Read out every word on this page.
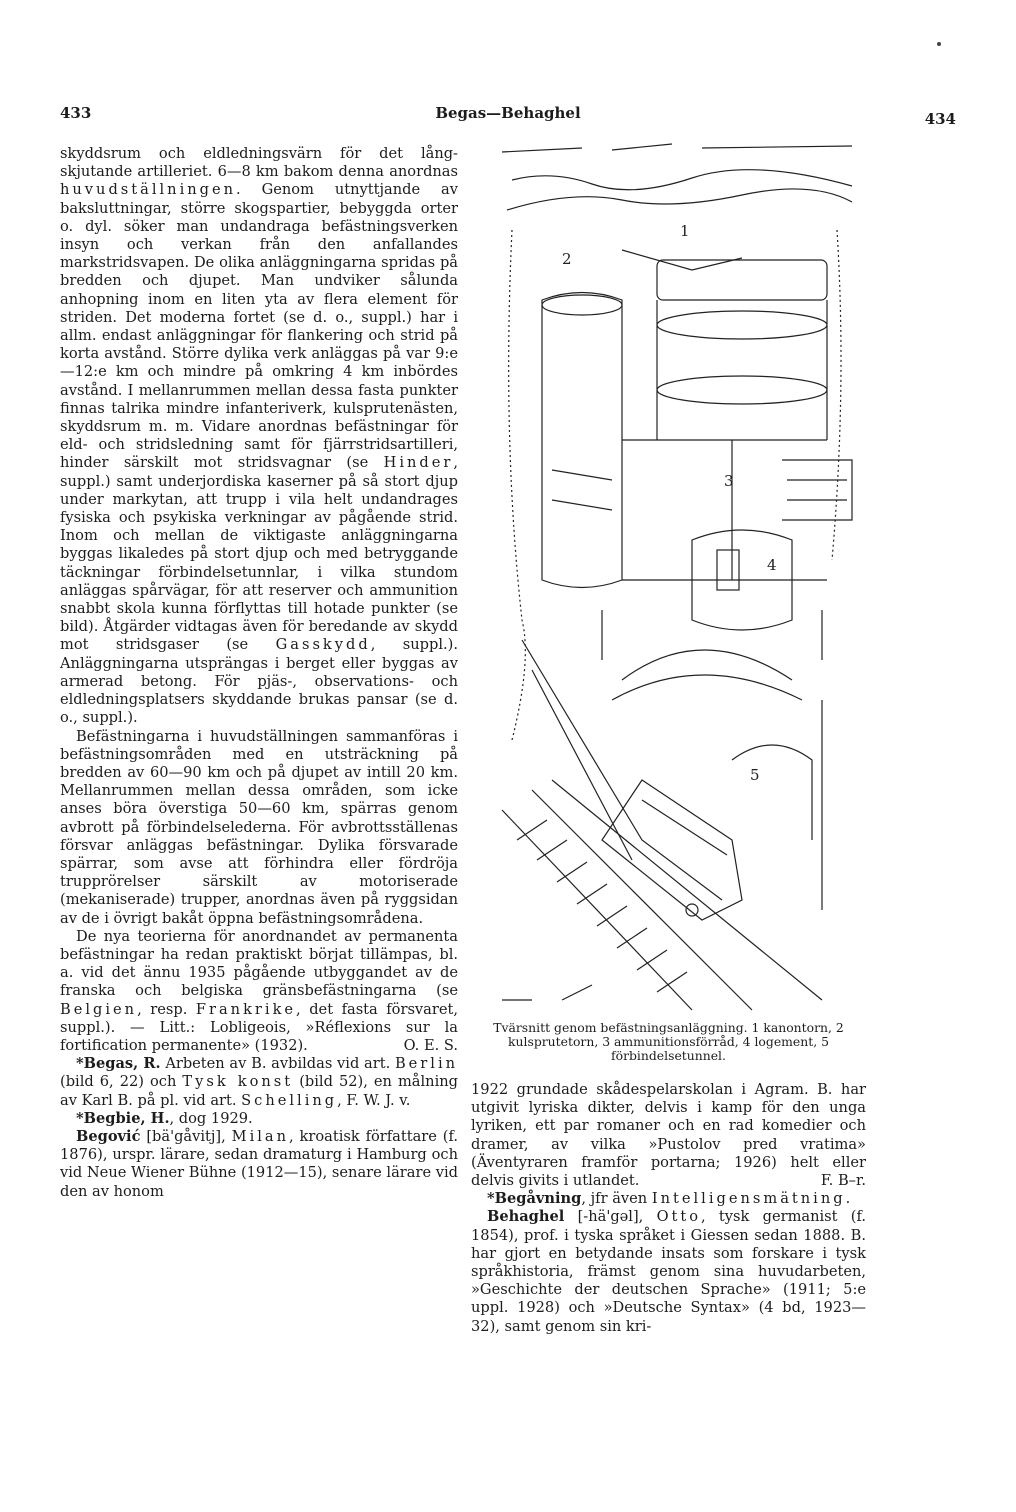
433	Begas—Behaghel	434

skyddsrum och eldledningsvärn för det lång-skjutande artilleriet. 6—8 km bakom denna anordnas huvudställningen. Genom utnyttjande av baksluttningar, större skogspartier, bebyggda orter o. dyl. söker man undandraga befästningsverken insyn och verkan från den anfallandes markstridsvapen. De olika anläggningarna spridas på bredden och djupet. Man undviker sålunda anhopning inom en liten yta av flera element för striden. Det moderna fortet (se d. o., suppl.) har i allm. endast anläggningar för flankering och strid på korta avstånd. Större dylika verk anläggas på var 9:e—12:e km och mindre på omkring 4 km inbördes avstånd. I mellanrummen mellan dessa fasta punkter finnas talrika mindre infanteriverk, kulsprutenästen, skyddsrum m. m. Vidare anordnas befästningar för eld- och stridsledning samt för fjärrstridsartilleri, hinder särskilt mot stridsvagnar (se Hinder, suppl.) samt underjordiska kaserner på så stort djup under markytan, att trupp i vila helt undandrages fysiska och psykiska verkningar av pågående strid. Inom och mellan de viktigaste anläggningarna byggas likaledes på stort djup och med betryggande täckningar förbindelsetunnlar, i vilka stundom anläggas spårvägar, för att reserver och ammunition snabbt skola kunna förflyttas till hotade punkter (se bild). Åtgärder vidtagas även för beredande av skydd mot stridsgaser (se Gasskydd, suppl.). Anläggningarna utsprängas i berget eller byggas av armerad betong. För pjäs-, observations- och eldledningsplatsers skyddande brukas pansar (se d. o., suppl.).

Befästningarna i huvudställningen sammanföras i befästningsområden med en utsträckning på bredden av 60—90 km och på djupet av intill 20 km. Mellanrummen mellan dessa områden, som icke anses böra överstiga 50—60 km, spärras genom avbrott på förbindelselederna. För avbrottsställenas försvar anläggas befästningar. Dylika försvarade spärrar, som avse att förhindra eller fördröja trupprörelser särskilt av motoriserade (mekaniserade) trupper, anordnas även på ryggsidan av de i övrigt bakåt öppna befästningsområdena.

De nya teorierna för anordnandet av permanenta befästningar ha redan praktiskt börjat tillämpas, bl. a. vid det ännu 1935 pågående utbyggandet av de franska och belgiska gränsbefästningarna (se Belgien, resp. Frankrike, det fasta försvaret, suppl.). — Litt.: Lobligeois, »Réflexions sur la fortification permanente» (1932).	O. E. S.

*Begas, R. Arbeten av B. avbildas vid art. Berlin (bild 6, 22) och Tysk konst (bild 52), en målning av Karl B. på pl. vid art. Schelling, F. W. J. v.

*Begbie, H., dog 1929.

Begović [bä'gåvitj], Milan, kroatisk författare (f. 1876), urspr. lärare, sedan dramaturg i Hamburg och vid Neue Wiener Bühne (1912—15), senare lärare vid den av honom

1
2
3
4
5
Tvärsnitt genom befästningsanläggning. 1 kanontorn, 2 kulsprutetorn, 3 ammunitionsförråd, 4 logement, 5 förbindelsetunnel.

1922 grundade skådespelarskolan i Agram. B. har utgivit lyriska dikter, delvis i kamp för den unga lyriken, ett par romaner och en rad komedier och dramer, av vilka »Pustolov pred vratima» (Äventyraren framför portarna; 1926) helt eller delvis givits i utlandet.	F. B–r.

*Begåvning, jfr även Intelligensmätning.

Behaghel [-hä'gəl], Otto, tysk germanist (f. 1854), prof. i tyska språket i Giessen sedan 1888. B. har gjort en betydande insats som forskare i tysk språkhistoria, främst genom sina huvudarbeten, »Geschichte der deutschen Sprache» (1911; 5:e uppl. 1928) och »Deutsche Syntax» (4 bd, 1923—32), samt genom sin kri-
